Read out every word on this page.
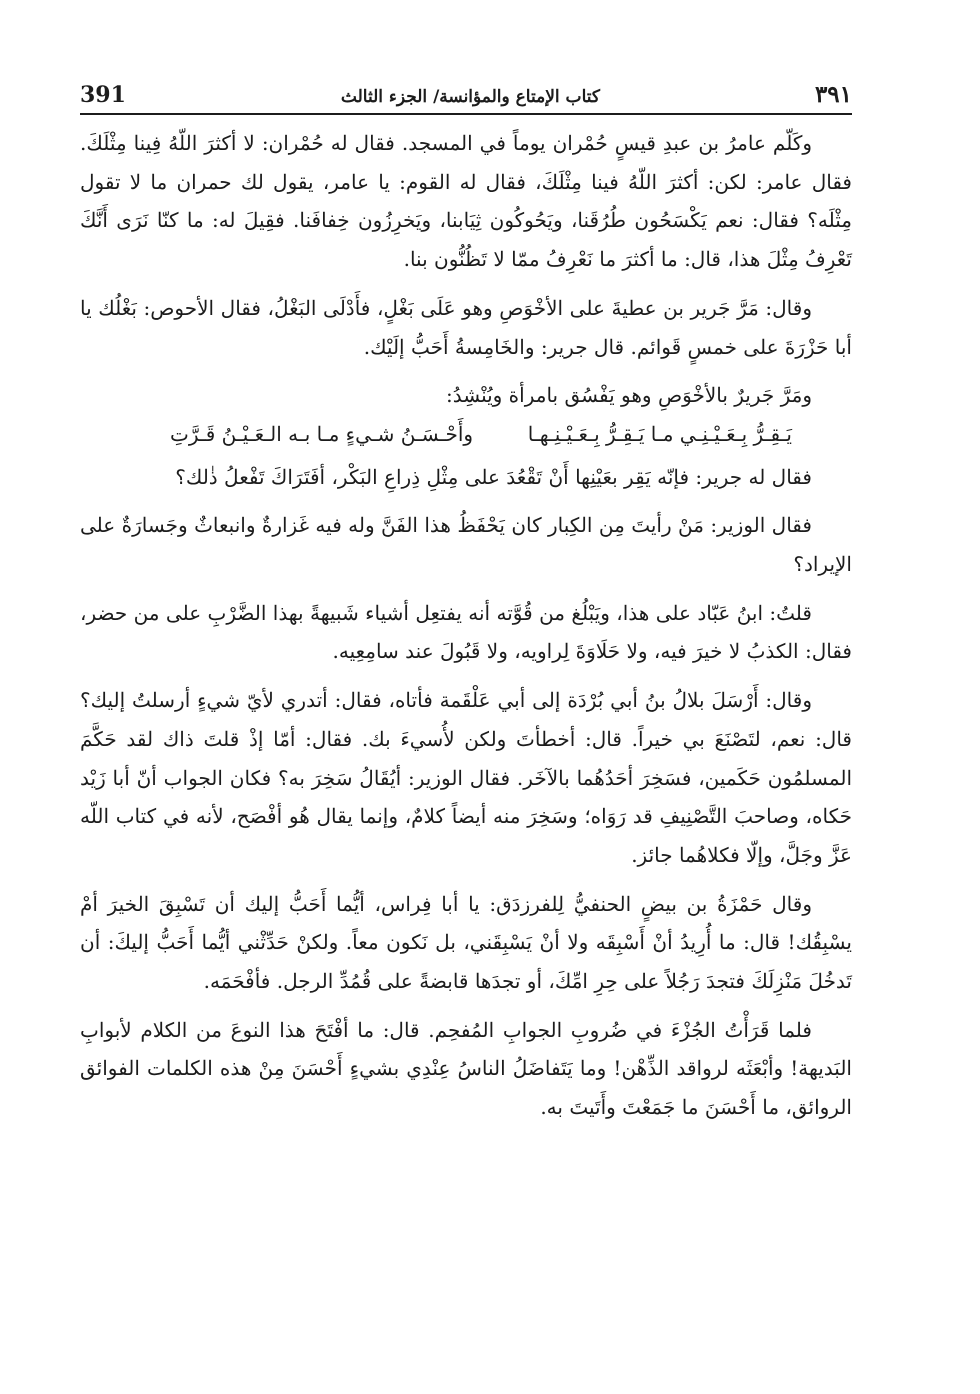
391	كتاب الإمتاع والمؤانسة/ الجزء الثالث	٣٩١

وكَلّم عامرُ بن عبدِ قيسٍ حُمْران يوماً في المسجد. فقال له حُمْران: لا أكثرَ اللّهُ فِينا مِثْلَكَ. فقال عامر: لكن: أكثرَ اللّهُ فينا مِثْلَكَ، فقال له القوم: يا عامر، يقول لك حمران ما لا تقول مِثْلَه؟ فقال: نعم يَكْسَحُون طُرُقَنا، ويَحُوكُون ثِيَابنا، ويَخرِزُون خِفافَنا. فقِيلَ له: ما كنّا نَرَى أَنَّكَ تَعْرِفُ مِثْلَ هذا، قال: ما أكثرَ ما نَعْرِفُ ممّا لا تَظُنُّون بنا.

وقال: مَرَّ جَرير بن عطيةَ على الأخْوَصِ وهو عَلَى بَغْلٍ، فأَدْلَى البَغْلُ، فقال الأحوص: بَغْلُك يا أبا حَزْرَةَ على خمسٍ قَوائم. قال جرير: والخَامِسةُ أَحَبُّ إلَيْك.

ومَرَّ جَريرٌ بالأخْوَصِ وهو يَفْسُق بامرأة ويُنْشِدُ:

يَـقِـرُّ بِـعَـيْـنِـي مـا يَـقِـرُّ بِـعَـيْـنِـهـا
وأَحْـسَـنُ شـيءٍ مـا بـه الـعَـيْـنُ قَـرَّتِ

فقال له جرير: فإنّه يَقِر بعَيْنِها أَنْ تَقْعُدَ على مِثْلِ ذِراعِ البَكْر، أفَتَرَاكَ تَفْعلُ ذٰلك؟

فقال الوزير: مَنْ رأيتَ مِن الكِبار كان يَحْفَظُ هذا الفَنَّ وله فيه غَزارةٌ وانبعاثٌ وجَسارَةٌ على الإيراد؟

قلتُ: ابنُ عَبّاد على هذا، ويَبْلُغ من قُوَّته أنه يفتعِل أشياء شَبيهةً بهذا الضَّرْبِ على من حضر، فقال: الكذبُ لا خيرَ فيه، ولا حَلَاوَةَ لِراويه، ولا قَبُولَ عند سامِعِيه.

وقال: أَرْسَلَ بلالُ بنُ أبي بُرْدَة إلى أبي عَلْقَمة فأتاه، فقال: أتدري لأيّ شيءٍ أرسلتُ إليك؟ قال: نعم، لتَصْنَعَ بي خيراً. قال: أخطأتَ ولكن لأُسيءَ بك. فقال: أمّا إذْ قلتَ ذاك لقد حَكَّمَ المسلمُون حَكَمين، فسَخِرَ أحَدُهُما بالآخَر. فقال الوزير: أيُقَالُ سَخِرَ به؟ فكان الجواب أنّ أبا زَيْد حَكاه، وصاحبَ التَّصْنِيفِ قد رَوَاه؛ وسَخِرَ منه أيضاً كلامٌ، وإنما يقال هُو أفْصَح، لأنه في كتاب اللّه عَزَّ وجَلَّ، وإلّا فكلاهُما جائز.

وقال حَمْزَةُ بن بيضٍ الحنفيُّ لِلفرزدَق: يا أبا فِراس، أيُّما أَحَبُّ إليك أن تَسْبِقَ الخيرَ أمْ يسْبِقُك! قال: ما أُرِيدُ أنْ أَسْبِقَه ولا أنْ يَسْبِقَني، بل نَكون معاً. ولكنْ حَدِّثْني أيُّما أَحَبُّ إليكَ: أن تَدخُلَ مَنْزِلَكَ فتجدَ رَجُلاً على حِرِ امِّكَ، أو تجدَها قابضةً على قُمُدِّ الرجل. فأفْحَمَه.

فلما قَرَأْتُ الجُزْءَ في ضُروبِ الجوابِ المُفحِم. قال: ما أفْتَحَ هذا النوعَ من الكلام لأبوابِ البَديهة! وأبْعَثَه لرواقد الذِّهْن! وما يَتَفاضَلُ الناسُ عِنْدِي بشيءٍ أَحْسَنَ مِنْ هذه الكلمات الفوائق الروائق، ما أَحْسَنَ ما جَمَعْتَ وأَتَيتَ به.
